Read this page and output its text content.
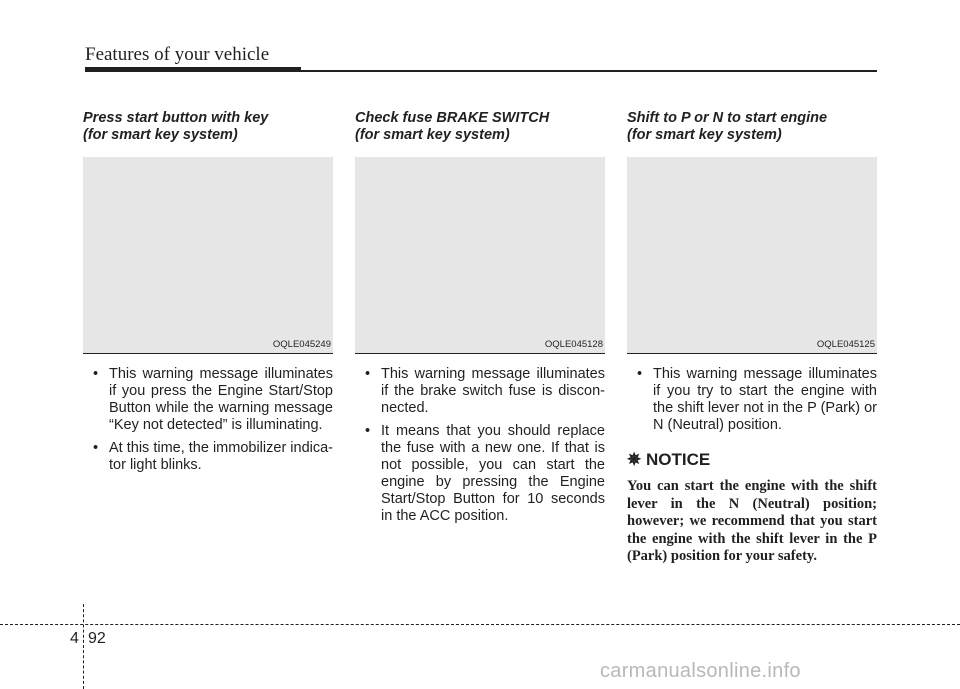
Features of your vehicle
Press start button with key
(for smart key system)
OQLE045249
• This warning message illuminates if you press the Engine Start/Stop Button while the warning message “Key not detected” is illuminating.
• At this time, the immobilizer indica-tor light blinks.
Check fuse BRAKE SWITCH
(for smart key system)
OQLE045128
• This warning message illuminates if the brake switch fuse is discon-nected.
• It means that you should replace the fuse with a new one. If that is not possible, you can start the engine by pressing the Engine Start/Stop Button for 10 seconds in the ACC position.
Shift to P or N to start engine
(for smart key system)
OQLE045125
• This warning message illuminates if you try to start the engine with the shift lever not in the P (Park) or N (Neutral) position.
✵ NOTICE
You can start the engine with the shift lever in the N (Neutral) position; however; we recommend that you start the engine with the shift lever in the P (Park) position for your safety.
4 92
carmanualsonline.info
